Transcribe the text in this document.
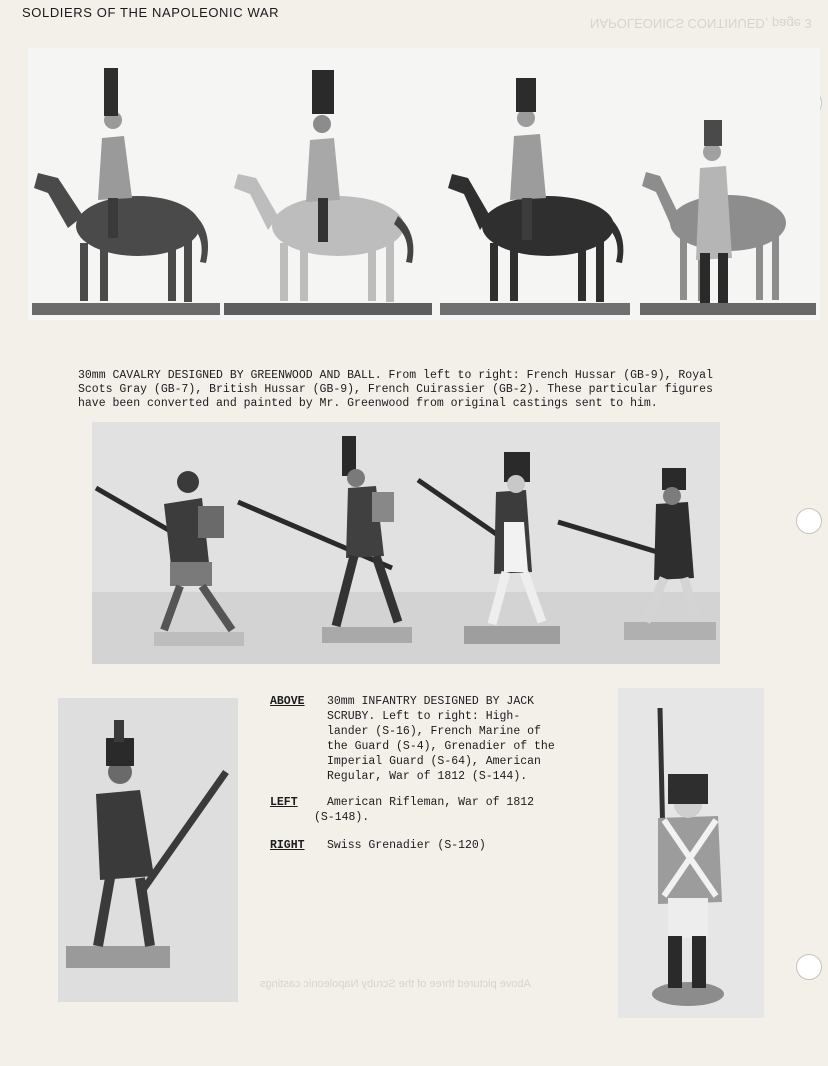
NAPOLEONICS CONTINUED, page 3
Above pictured three of the Scruby Napoleonic castings
SOLDIERS OF THE NAPOLEONIC WAR
30mm CAVALRY DESIGNED BY GREENWOOD AND BALL. From left to right: French Hussar (GB-9), Royal
Scots Gray (GB-7), British Hussar (GB-9), French Cuirassier (GB-2). These particular figures
have been converted and painted by Mr. Greenwood from original castings sent to him.
ABOVE 30mm INFANTRY DESIGNED BY JACK
SCRUBY. Left to right: High-
lander (S-16), French Marine of
the Guard (S-4), Grenadier of the
Imperial Guard (S-64), American
Regular, War of 1812 (S-144).
LEFT	American Rifleman, War of 1812
(S-148).
RIGHT Swiss Grenadier (S-120)
